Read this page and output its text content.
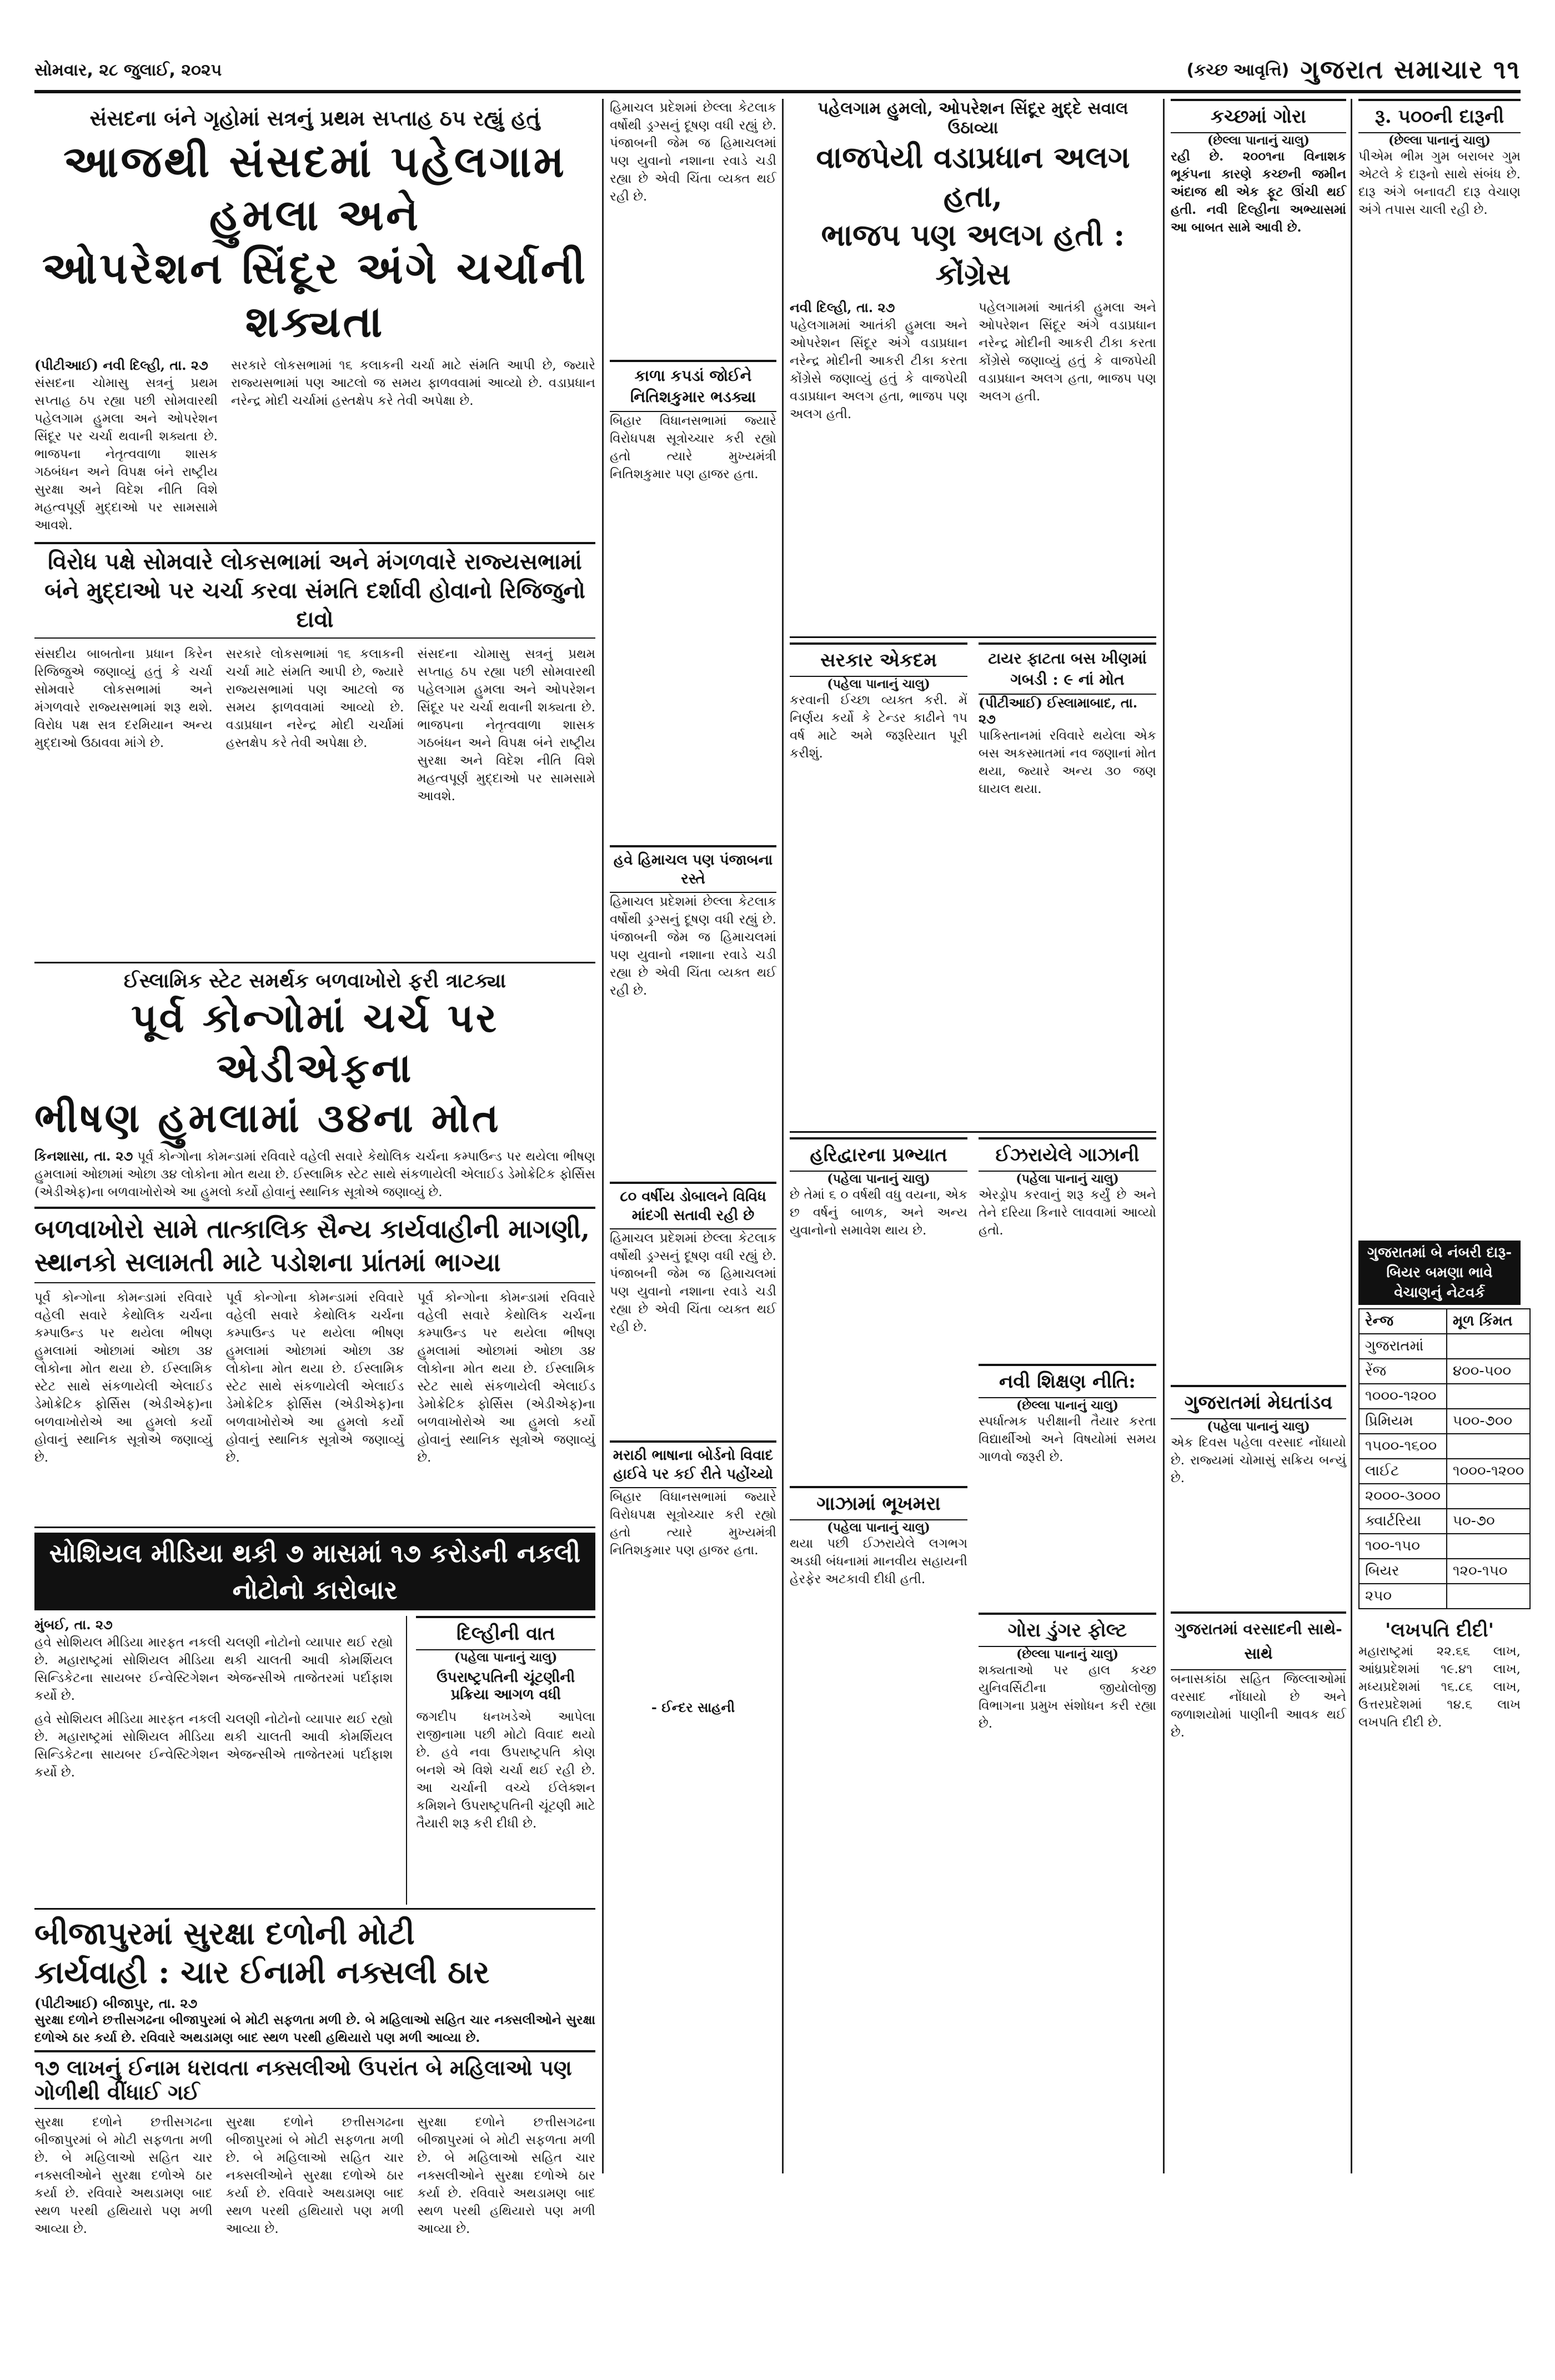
સોમવાર, ૨૮ જુલાઈ, ૨૦૨૫	(કચ્છ આવૃત્તિ) ગુજરાત સમાચાર ૧૧
સંસદના બંને ગૃહોમાં સત્રનું પ્રથમ સપ્તાહ ઠપ રહ્યું હતું
આજથી સંસદમાં પહેલગામ હુમલા અને
ઓપરેશન સિંદૂર અંગે ચર્ચાની શક્યતા
(પીટીઆઈ) નવી દિલ્હી, તા. ૨૭
સંસદના ચોમાસુ સત્રનું પ્રથમ સપ્તાહ ઠપ રહ્યા પછી સોમવારથી પહેલગામ હુમલા અને ઓપરેશન સિંદૂર પર ચર્ચા થવાની શક્યતા છે. ભાજપના નેતૃત્વવાળા શાસક ગઠબંધન અને વિપક્ષ બંને રાષ્ટ્રીય સુરક્ષા અને વિદેશ નીતિ વિશે મહત્વપૂર્ણ મુદ્દાઓ પર સામસામે આવશે.
સરકારે લોકસભામાં ૧૬ કલાકની ચર્ચા માટે સંમતિ આપી છે, જ્યારે રાજ્યસભામાં પણ આટલો જ સમય ફાળવવામાં આવ્યો છે. વડાપ્રધાન નરેન્દ્ર મોદી ચર્ચામાં હસ્તક્ષેપ કરે તેવી અપેક્ષા છે.
વિરોધ પક્ષે સોમવારે લોકસભામાં અને મંગળવારે રાજ્યસભામાં બંને મુદ્દાઓ પર ચર્ચા કરવા સંમતિ દર્શાવી હોવાનો રિજિજુનો દાવો
સંસદીય બાબતોના પ્રધાન કિરેન રિજિજુએ જણાવ્યું હતું કે ચર્ચા સોમવારે લોકસભામાં અને મંગળવારે રાજ્યસભામાં શરૂ થશે. વિરોધ પક્ષ સત્ર દરમિયાન અન્ય મુદ્દાઓ ઉઠાવવા માંગે છે.
સરકારે લોકસભામાં ૧૬ કલાકની ચર્ચા માટે સંમતિ આપી છે, જ્યારે રાજ્યસભામાં પણ આટલો જ સમય ફાળવવામાં આવ્યો છે. વડાપ્રધાન નરેન્દ્ર મોદી ચર્ચામાં હસ્તક્ષેપ કરે તેવી અપેક્ષા છે.
સંસદના ચોમાસુ સત્રનું પ્રથમ સપ્તાહ ઠપ રહ્યા પછી સોમવારથી પહેલગામ હુમલા અને ઓપરેશન સિંદૂર પર ચર્ચા થવાની શક્યતા છે. ભાજપના નેતૃત્વવાળા શાસક ગઠબંધન અને વિપક્ષ બંને રાષ્ટ્રીય સુરક્ષા અને વિદેશ નીતિ વિશે મહત્વપૂર્ણ મુદ્દાઓ પર સામસામે આવશે.
ઈસ્લામિક સ્ટેટ સમર્થક બળવાખોરો ફરી ત્રાટક્યા
પૂર્વ કોન્ગોમાં ચર્ચ પર એડીએફના
ભીષણ હુમલામાં ૩૪ના મોત
કિનશાસા, તા. ૨૭ પૂર્વ કોન્ગોના કોમન્ડામાં રવિવારે વહેલી સવારે કેથોલિક ચર્ચના કમ્પાઉન્ડ પર થયેલા ભીષણ હુમલામાં ઓછામાં ઓછા ૩૪ લોકોના મોત થયા છે. ઈસ્લામિક સ્ટેટ સાથે સંકળાયેલી એલાઈડ ડેમોક્રેટિક ફોર્સિસ (એડીએફ)ના બળવાખોરોએ આ હુમલો કર્યો હોવાનું સ્થાનિક સૂત્રોએ જણાવ્યું છે.
બળવાખોરો સામે તાત્કાલિક સૈન્ય કાર્યવાહીની માગણી, સ્થાનકો સલામતી માટે પડોશના પ્રાંતમાં ભાગ્યા
પૂર્વ કોન્ગોના કોમન્ડામાં રવિવારે વહેલી સવારે કેથોલિક ચર્ચના કમ્પાઉન્ડ પર થયેલા ભીષણ હુમલામાં ઓછામાં ઓછા ૩૪ લોકોના મોત થયા છે. ઈસ્લામિક સ્ટેટ સાથે સંકળાયેલી એલાઈડ ડેમોક્રેટિક ફોર્સિસ (એડીએફ)ના બળવાખોરોએ આ હુમલો કર્યો હોવાનું સ્થાનિક સૂત્રોએ જણાવ્યું છે.
પૂર્વ કોન્ગોના કોમન્ડામાં રવિવારે વહેલી સવારે કેથોલિક ચર્ચના કમ્પાઉન્ડ પર થયેલા ભીષણ હુમલામાં ઓછામાં ઓછા ૩૪ લોકોના મોત થયા છે. ઈસ્લામિક સ્ટેટ સાથે સંકળાયેલી એલાઈડ ડેમોક્રેટિક ફોર્સિસ (એડીએફ)ના બળવાખોરોએ આ હુમલો કર્યો હોવાનું સ્થાનિક સૂત્રોએ જણાવ્યું છે.
પૂર્વ કોન્ગોના કોમન્ડામાં રવિવારે વહેલી સવારે કેથોલિક ચર્ચના કમ્પાઉન્ડ પર થયેલા ભીષણ હુમલામાં ઓછામાં ઓછા ૩૪ લોકોના મોત થયા છે. ઈસ્લામિક સ્ટેટ સાથે સંકળાયેલી એલાઈડ ડેમોક્રેટિક ફોર્સિસ (એડીએફ)ના બળવાખોરોએ આ હુમલો કર્યો હોવાનું સ્થાનિક સૂત્રોએ જણાવ્યું છે.
સોશિયલ મીડિયા થકી ૭ માસમાં ૧૭ કરોડની નકલી નોટોનો કારોબાર
મુંબઈ, તા. ૨૭
હવે સોશિયલ મીડિયા મારફત નકલી ચલણી નોટોનો વ્યાપાર થઈ રહ્યો છે. મહારાષ્ટ્રમાં સોશિયલ મીડિયા થકી ચાલતી આવી કોમર્શિયલ સિન્ડિકેટના સાયબર ઈન્વેસ્ટિગેશન એજન્સીએ તાજેતરમાં પર્દાફાશ કર્યો છે.
હવે સોશિયલ મીડિયા મારફત નકલી ચલણી નોટોનો વ્યાપાર થઈ રહ્યો છે. મહારાષ્ટ્રમાં સોશિયલ મીડિયા થકી ચાલતી આવી કોમર્શિયલ સિન્ડિકેટના સાયબર ઈન્વેસ્ટિગેશન એજન્સીએ તાજેતરમાં પર્દાફાશ કર્યો છે.
દિલ્હીની વાત
(પહેલા પાનાનું ચાલુ)
ઉપરાષ્ટ્રપતિની ચૂંટણીની પ્રક્રિયા આગળ વધી
જગદીપ ધનખડેએ આપેલા રાજીનામા પછી મોટો વિવાદ થયો છે. હવે નવા ઉપરાષ્ટ્રપતિ કોણ બનશે એ વિશે ચર્ચા થઈ રહી છે. આ ચર્ચાની વચ્ચે ઈલેક્શન કમિશને ઉપરાષ્ટ્રપતિની ચૂંટણી માટે તૈયારી શરૂ કરી દીધી છે.
બીજાપુરમાં સુરક્ષા દળોની મોટી
કાર્યવાહી : ચાર ઈનામી નક્સલી ઠાર
(પીટીઆઈ) બીજાપુર, તા. ૨૭
સુરક્ષા દળોને છત્તીસગઢના બીજાપુરમાં બે મોટી સફળતા મળી છે. બે મહિલાઓ સહિત ચાર નક્સલીઓને સુરક્ષા દળોએ ઠાર કર્યા છે. રવિવારે અથડામણ બાદ સ્થળ પરથી હથિયારો પણ મળી આવ્યા છે.
૧૭ લાખનું ઈનામ ધરાવતા નક્સલીઓ ઉપરાંત બે મહિલાઓ પણ ગોળીથી વીંધાઈ ગઈ
સુરક્ષા દળોને છત્તીસગઢના બીજાપુરમાં બે મોટી સફળતા મળી છે. બે મહિલાઓ સહિત ચાર નક્સલીઓને સુરક્ષા દળોએ ઠાર કર્યા છે. રવિવારે અથડામણ બાદ સ્થળ પરથી હથિયારો પણ મળી આવ્યા છે.
સુરક્ષા દળોને છત્તીસગઢના બીજાપુરમાં બે મોટી સફળતા મળી છે. બે મહિલાઓ સહિત ચાર નક્સલીઓને સુરક્ષા દળોએ ઠાર કર્યા છે. રવિવારે અથડામણ બાદ સ્થળ પરથી હથિયારો પણ મળી આવ્યા છે.
સુરક્ષા દળોને છત્તીસગઢના બીજાપુરમાં બે મોટી સફળતા મળી છે. બે મહિલાઓ સહિત ચાર નક્સલીઓને સુરક્ષા દળોએ ઠાર કર્યા છે. રવિવારે અથડામણ બાદ સ્થળ પરથી હથિયારો પણ મળી આવ્યા છે.
હિમાચલ પ્રદેશમાં છેલ્લા કેટલાક વર્ષોથી ડ્રગ્સનું દૂષણ વધી રહ્યું છે. પંજાબની જેમ જ હિમાચલમાં પણ યુવાનો નશાના રવાડે ચડી રહ્યા છે એવી ચિંતા વ્યક્ત થઈ રહી છે.
કાળા કપડાં જોઈને નિતિશકુમાર ભડક્યા
બિહાર વિધાનસભામાં જ્યારે વિરોધપક્ષ સૂત્રોચ્ચાર કરી રહ્યો હતો ત્યારે મુખ્યમંત્રી નિતિશકુમાર પણ હાજર હતા.
હવે હિમાચલ પણ પંજાબના રસ્તે
હિમાચલ પ્રદેશમાં છેલ્લા કેટલાક વર્ષોથી ડ્રગ્સનું દૂષણ વધી રહ્યું છે. પંજાબની જેમ જ હિમાચલમાં પણ યુવાનો નશાના રવાડે ચડી રહ્યા છે એવી ચિંતા વ્યક્ત થઈ રહી છે.
૮૦ વર્ષીય ડોબાલને વિવિધ માંદગી સતાવી રહી છે
હિમાચલ પ્રદેશમાં છેલ્લા કેટલાક વર્ષોથી ડ્રગ્સનું દૂષણ વધી રહ્યું છે. પંજાબની જેમ જ હિમાચલમાં પણ યુવાનો નશાના રવાડે ચડી રહ્યા છે એવી ચિંતા વ્યક્ત થઈ રહી છે.
મરાઠી ભાષાના બોર્ડનો વિવાદ હાઈવે પર કઈ રીતે પહોંચ્યો
બિહાર વિધાનસભામાં જ્યારે વિરોધપક્ષ સૂત્રોચ્ચાર કરી રહ્યો હતો ત્યારે મુખ્યમંત્રી નિતિશકુમાર પણ હાજર હતા.
- ઈન્દર સાહની
પહેલગામ હુમલો, ઓપરેશન સિંદૂર મુદ્દે સવાલ ઉઠાવ્યા
વાજપેયી વડાપ્રધાન અલગ હતા,
ભાજપ પણ અલગ હતી : કોંગ્રેસ
નવી દિલ્હી, તા. ૨૭
પહેલગામમાં આતંકી હુમલા અને ઓપરેશન સિંદૂર અંગે વડાપ્રધાન નરેન્દ્ર મોદીની આકરી ટીકા કરતા કોંગ્રેસે જણાવ્યું હતું કે વાજપેયી વડાપ્રધાન અલગ હતા, ભાજપ પણ અલગ હતી.
પહેલગામમાં આતંકી હુમલા અને ઓપરેશન સિંદૂર અંગે વડાપ્રધાન નરેન્દ્ર મોદીની આકરી ટીકા કરતા કોંગ્રેસે જણાવ્યું હતું કે વાજપેયી વડાપ્રધાન અલગ હતા, ભાજપ પણ અલગ હતી.
સરકાર એકદમ
(પહેલા પાનાનું ચાલુ)
કરવાની ઈચ્છા વ્યક્ત કરી. મેં નિર્ણય કર્યો કે ટેન્ડર કાઢીને ૧૫ વર્ષ માટે અમે જરૂરિયાત પૂરી કરીશું.
ટાયર ફાટતા બસ ખીણમાં ગબડી : ૯ નાં મોત
(પીટીઆઈ) ઈસ્લામાબાદ, તા. ૨૭
પાકિસ્તાનમાં રવિવારે થયેલા એક બસ અકસ્માતમાં નવ જણાનાં મોત થયા, જ્યારે અન્ય ૩૦ જણ ઘાયલ થયા.
હરિદ્વારના પ્રભ્યાત
(પહેલા પાનાનું ચાલુ)
છે તેમાં ૬ ૦ વર્ષથી વધુ વયના, એક છ વર્ષનું બાળક, અને અન્ય યુવાનોનો સમાવેશ થાય છે.
ગાઝામાં ભૂખમરા
(પહેલા પાનાનું ચાલુ)
થયા પછી ઈઝરાયેલે લગભગ અડધી બંધનામાં માનવીય સહાયની હેરફેર અટકાવી દીધી હતી.
ઈઝરાયેલે ગાઝાની
(પહેલા પાનાનું ચાલુ)
એરડ્રોપ કરવાનું શરૂ કર્યું છે અને તેને દરિયા કિનારે લાવવામાં આવ્યો હતો.
નવી શિક્ષણ નીતિ:
(છેલ્લા પાનાનું ચાલુ)
સ્પર્ધાત્મક પરીક્ષાની તૈયાર કરતા વિદ્યાર્થીઓ અને વિષયોમાં સમય ગાળવો જરૂરી છે.
ગોરા ડુંગર ફોલ્ટ
(છેલ્લા પાનાનું ચાલુ)
શક્યતાઓ પર હાલ કચ્છ યુનિવર્સિટીના જીયોલોજી વિભાગના પ્રમુખ સંશોધન કરી રહ્યા છે.
કચ્છમાં ગોરા
(છેલ્લા પાનાનું ચાલુ)
રહી છે. ૨૦૦૧ના વિનાશક ભૂકંપના કારણે કચ્છની જમીન અંદાજ થી એક ફૂટ ઊંચી થઈ હતી. નવી દિલ્હીના અભ્યાસમાં આ બાબત સામે આવી છે.
ગુજરાતમાં મેઘતાંડવ
(પહેલા પાનાનું ચાલુ)
એક દિવસ પહેલા વરસાદ નોંધાયો છે. રાજ્યમાં ચોમાસું સક્રિય બન્યું છે.
ગુજરાતમાં વરસાદની સાથે-સાથે
બનાસકાંઠા સહિત જિલ્લાઓમાં વરસાદ નોંધાયો છે અને જળાશયોમાં પાણીની આવક થઈ છે.
રૂ. ૫૦૦ની દારૂની
(છેલ્લા પાનાનું ચાલુ)
પીએમ ભીમ ગુમ બરાબર ગુમ એટલે કે દારૂનો સાથે સંબંધ છે. દારૂ અંગે બનાવટી દારૂ વેચાણ અંગે તપાસ ચાલી રહી છે.
ગુજરાતમાં બે નંબરી દારૂ-બિયર બમણા ભાવે વેચાણનું નેટવર્ક
રેન્જ	મૂળ કિંમત
ગુજરાતમાં	
રેંજ	૪૦૦-૫૦૦
૧૦૦૦-૧૨૦૦	
પ્રિમિયમ	૫૦૦-૭૦૦
૧૫૦૦-૧૬૦૦	
લાઈટ	૧૦૦૦-૧૨૦૦
૨૦૦૦-૩૦૦૦	
ક્વાર્ટરિયા	૫૦-૭૦
૧૦૦-૧૫૦	
બિયર	૧૨૦-૧૫૦
૨૫૦	
'લખપતિ દીદી'
મહારાષ્ટ્રમાં ૨૨.૬૬ લાખ, આંધ્રપ્રદેશમાં ૧૯.૪૧ લાખ, મધ્યપ્રદેશમાં ૧૬.૮૬ લાખ, ઉત્તરપ્રદેશમાં ૧૪.૬ લાખ લખપતિ દીદી છે.
